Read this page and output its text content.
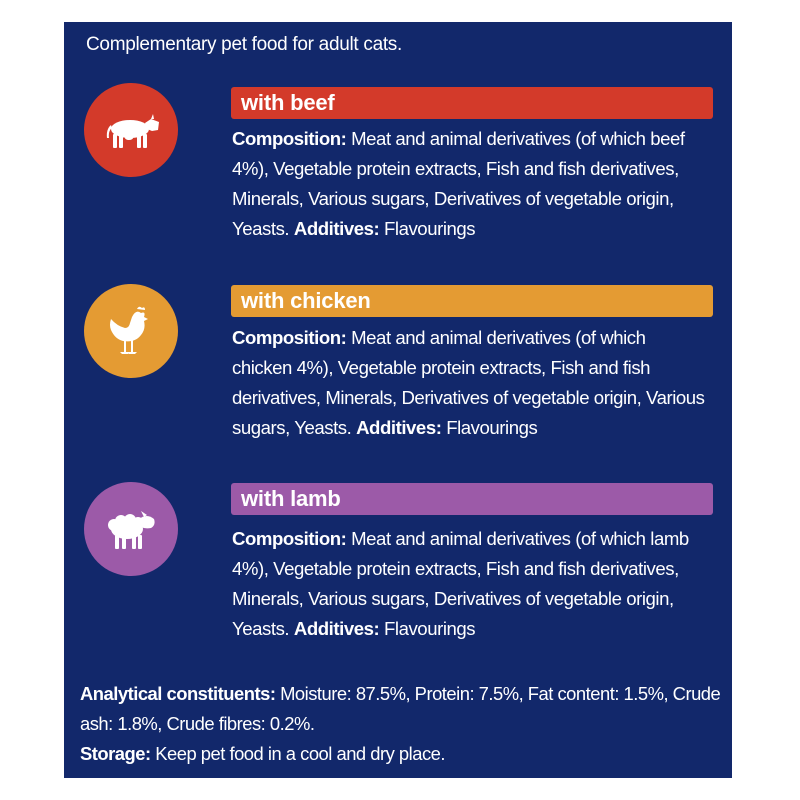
Complementary pet food for adult cats.
with beef
Composition: Meat and animal derivatives (of which beef 4%), Vegetable protein extracts, Fish and fish derivatives, Minerals, Various sugars, Derivatives of vegetable origin, Yeasts. Additives: Flavourings
with chicken
Composition: Meat and animal derivatives (of which chicken 4%), Vegetable protein extracts, Fish and fish derivatives, Minerals, Derivatives of vegetable origin, Various sugars, Yeasts. Additives: Flavourings
with lamb
Composition: Meat and animal derivatives (of which lamb 4%), Vegetable protein extracts, Fish and fish derivatives, Minerals, Various sugars, Derivatives of vegetable origin, Yeasts. Additives: Flavourings
Analytical constituents: Moisture: 87.5%, Protein: 7.5%, Fat content: 1.5%, Crude ash: 1.8%, Crude fibres: 0.2%.
Storage: Keep pet food in a cool and dry place.
